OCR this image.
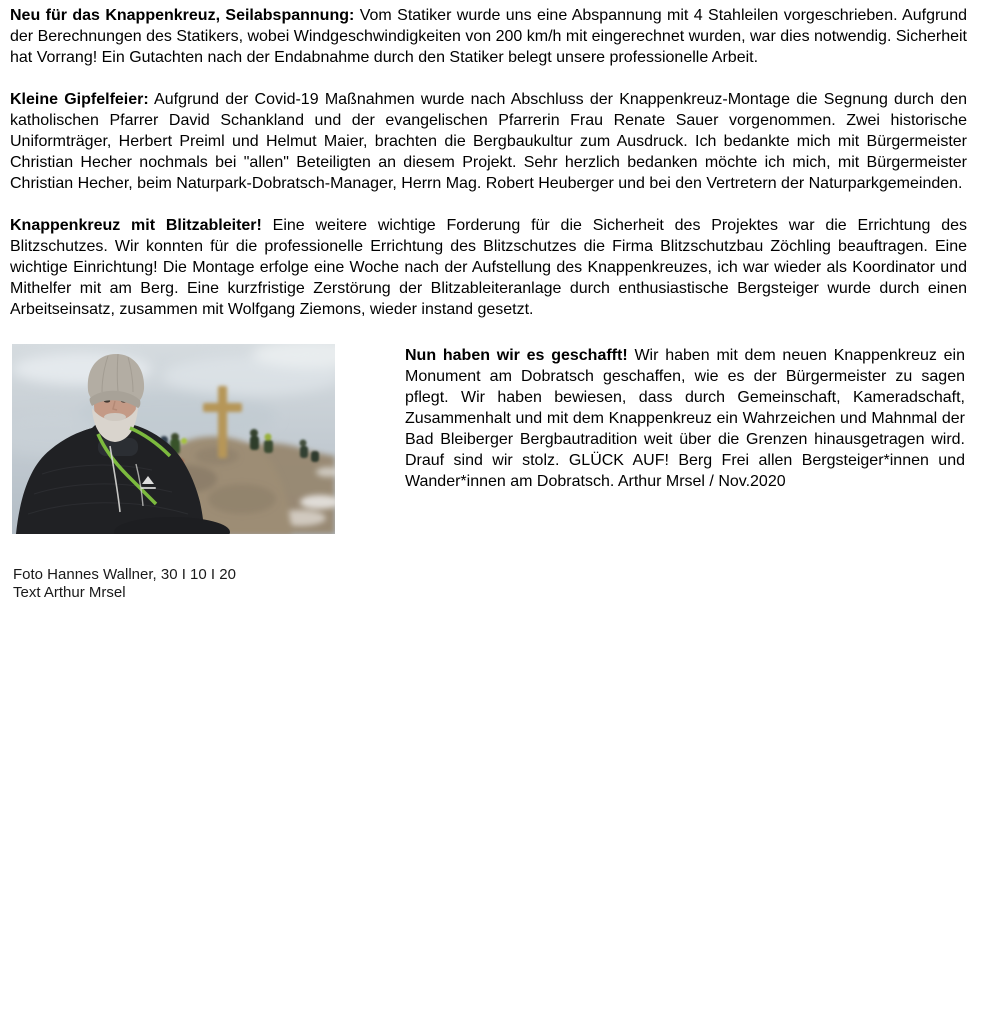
Neu für das Knappenkreuz, Seilabspannung: Vom Statiker wurde uns eine Abspannung mit 4 Stahleilen vorgeschrieben. Aufgrund der Berechnungen des Statikers, wobei Windgeschwindigkeiten von 200 km/h mit eingerechnet wurden, war dies notwendig. Sicherheit hat Vorrang! Ein Gutachten nach der Endabnahme durch den Statiker belegt unsere professionelle Arbeit.

Kleine Gipfelfeier: Aufgrund der Covid-19 Maßnahmen wurde nach Abschluss der Knappenkreuz-Montage die Segnung durch den katholischen Pfarrer David Schankland und der evangelischen Pfarrerin Frau Renate Sauer vorgenommen. Zwei historische Uniformträger, Herbert Preiml und Helmut Maier, brachten die Bergbaukultur zum Ausdruck. Ich bedankte mich mit Bürgermeister Christian Hecher nochmals bei "allen" Beteiligten an diesem Projekt. Sehr herzlich bedanken möchte ich mich, mit Bürgermeister Christian Hecher, beim Naturpark-Dobratsch-Manager, Herrn Mag. Robert Heuberger und bei den Vertretern der Naturparkgemeinden.

Knappenkreuz mit Blitzableiter! Eine weitere wichtige Forderung für die Sicherheit des Projektes war die Errichtung des Blitzschutzes. Wir konnten für die professionelle Errichtung des Blitzschutzes die Firma Blitzschutzbau Zöchling beauftragen. Eine wichtige Einrichtung! Die Montage erfolge eine Woche nach der Aufstellung des Knappenkreuzes, ich war wieder als Koordinator und Mithelfer mit am Berg. Eine kurzfristige Zerstörung der Blitzableiteranlage durch enthusiastische Bergsteiger wurde durch einen Arbeitseinsatz, zusammen mit Wolfgang Ziemons, wieder instand gesetzt.

Nun haben wir es geschafft! Wir haben mit dem neuen Knappenkreuz ein Monument am Dobratsch geschaffen, wie es der Bürgermeister zu sagen pflegt. Wir haben bewiesen, dass durch Gemeinschaft, Kameradschaft, Zusammenhalt und mit dem Knappenkreuz ein Wahrzeichen und Mahnmal der Bad Bleiberger Bergbautradition weit über die Grenzen hinausgetragen wird. Drauf sind wir stolz. GLÜCK AUF! Berg Frei allen Bergsteiger*innen und Wander*innen am Dobratsch. Arthur Mrsel / Nov.2020

Foto Hannes Wallner, 30 I 10 I 20
Text Arthur Mrsel
